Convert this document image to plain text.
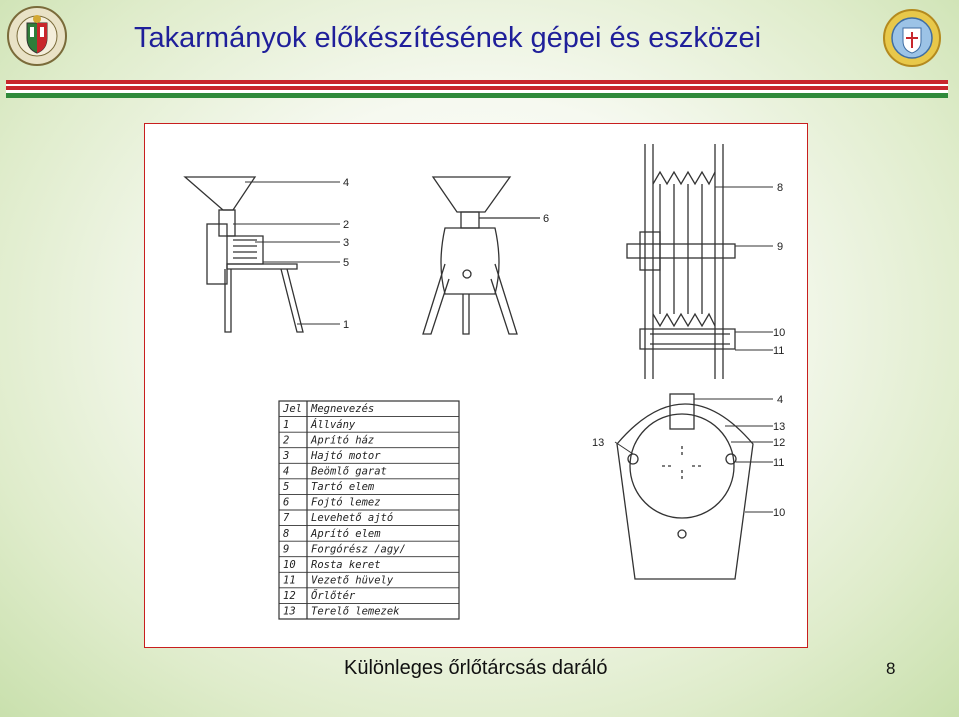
Takarmányok előkészítésének gépei és eszközei
4
2
3
5
1
6
8
9
10
11
4
13
12
11
10
13
Jel Megnevezés
1 Állvány
2 Aprító ház
3 Hajtó motor
4 Beömlő garat
5 Tartó elem
6 Fojtó lemez
7 Levehető ajtó
8 Aprító elem
9 Forgórész /agy/
10 Rosta keret
11 Vezető hüvely
12 Őrlőtér
13 Terelő lemezek

Különleges őrlőtárcsás daráló	8
